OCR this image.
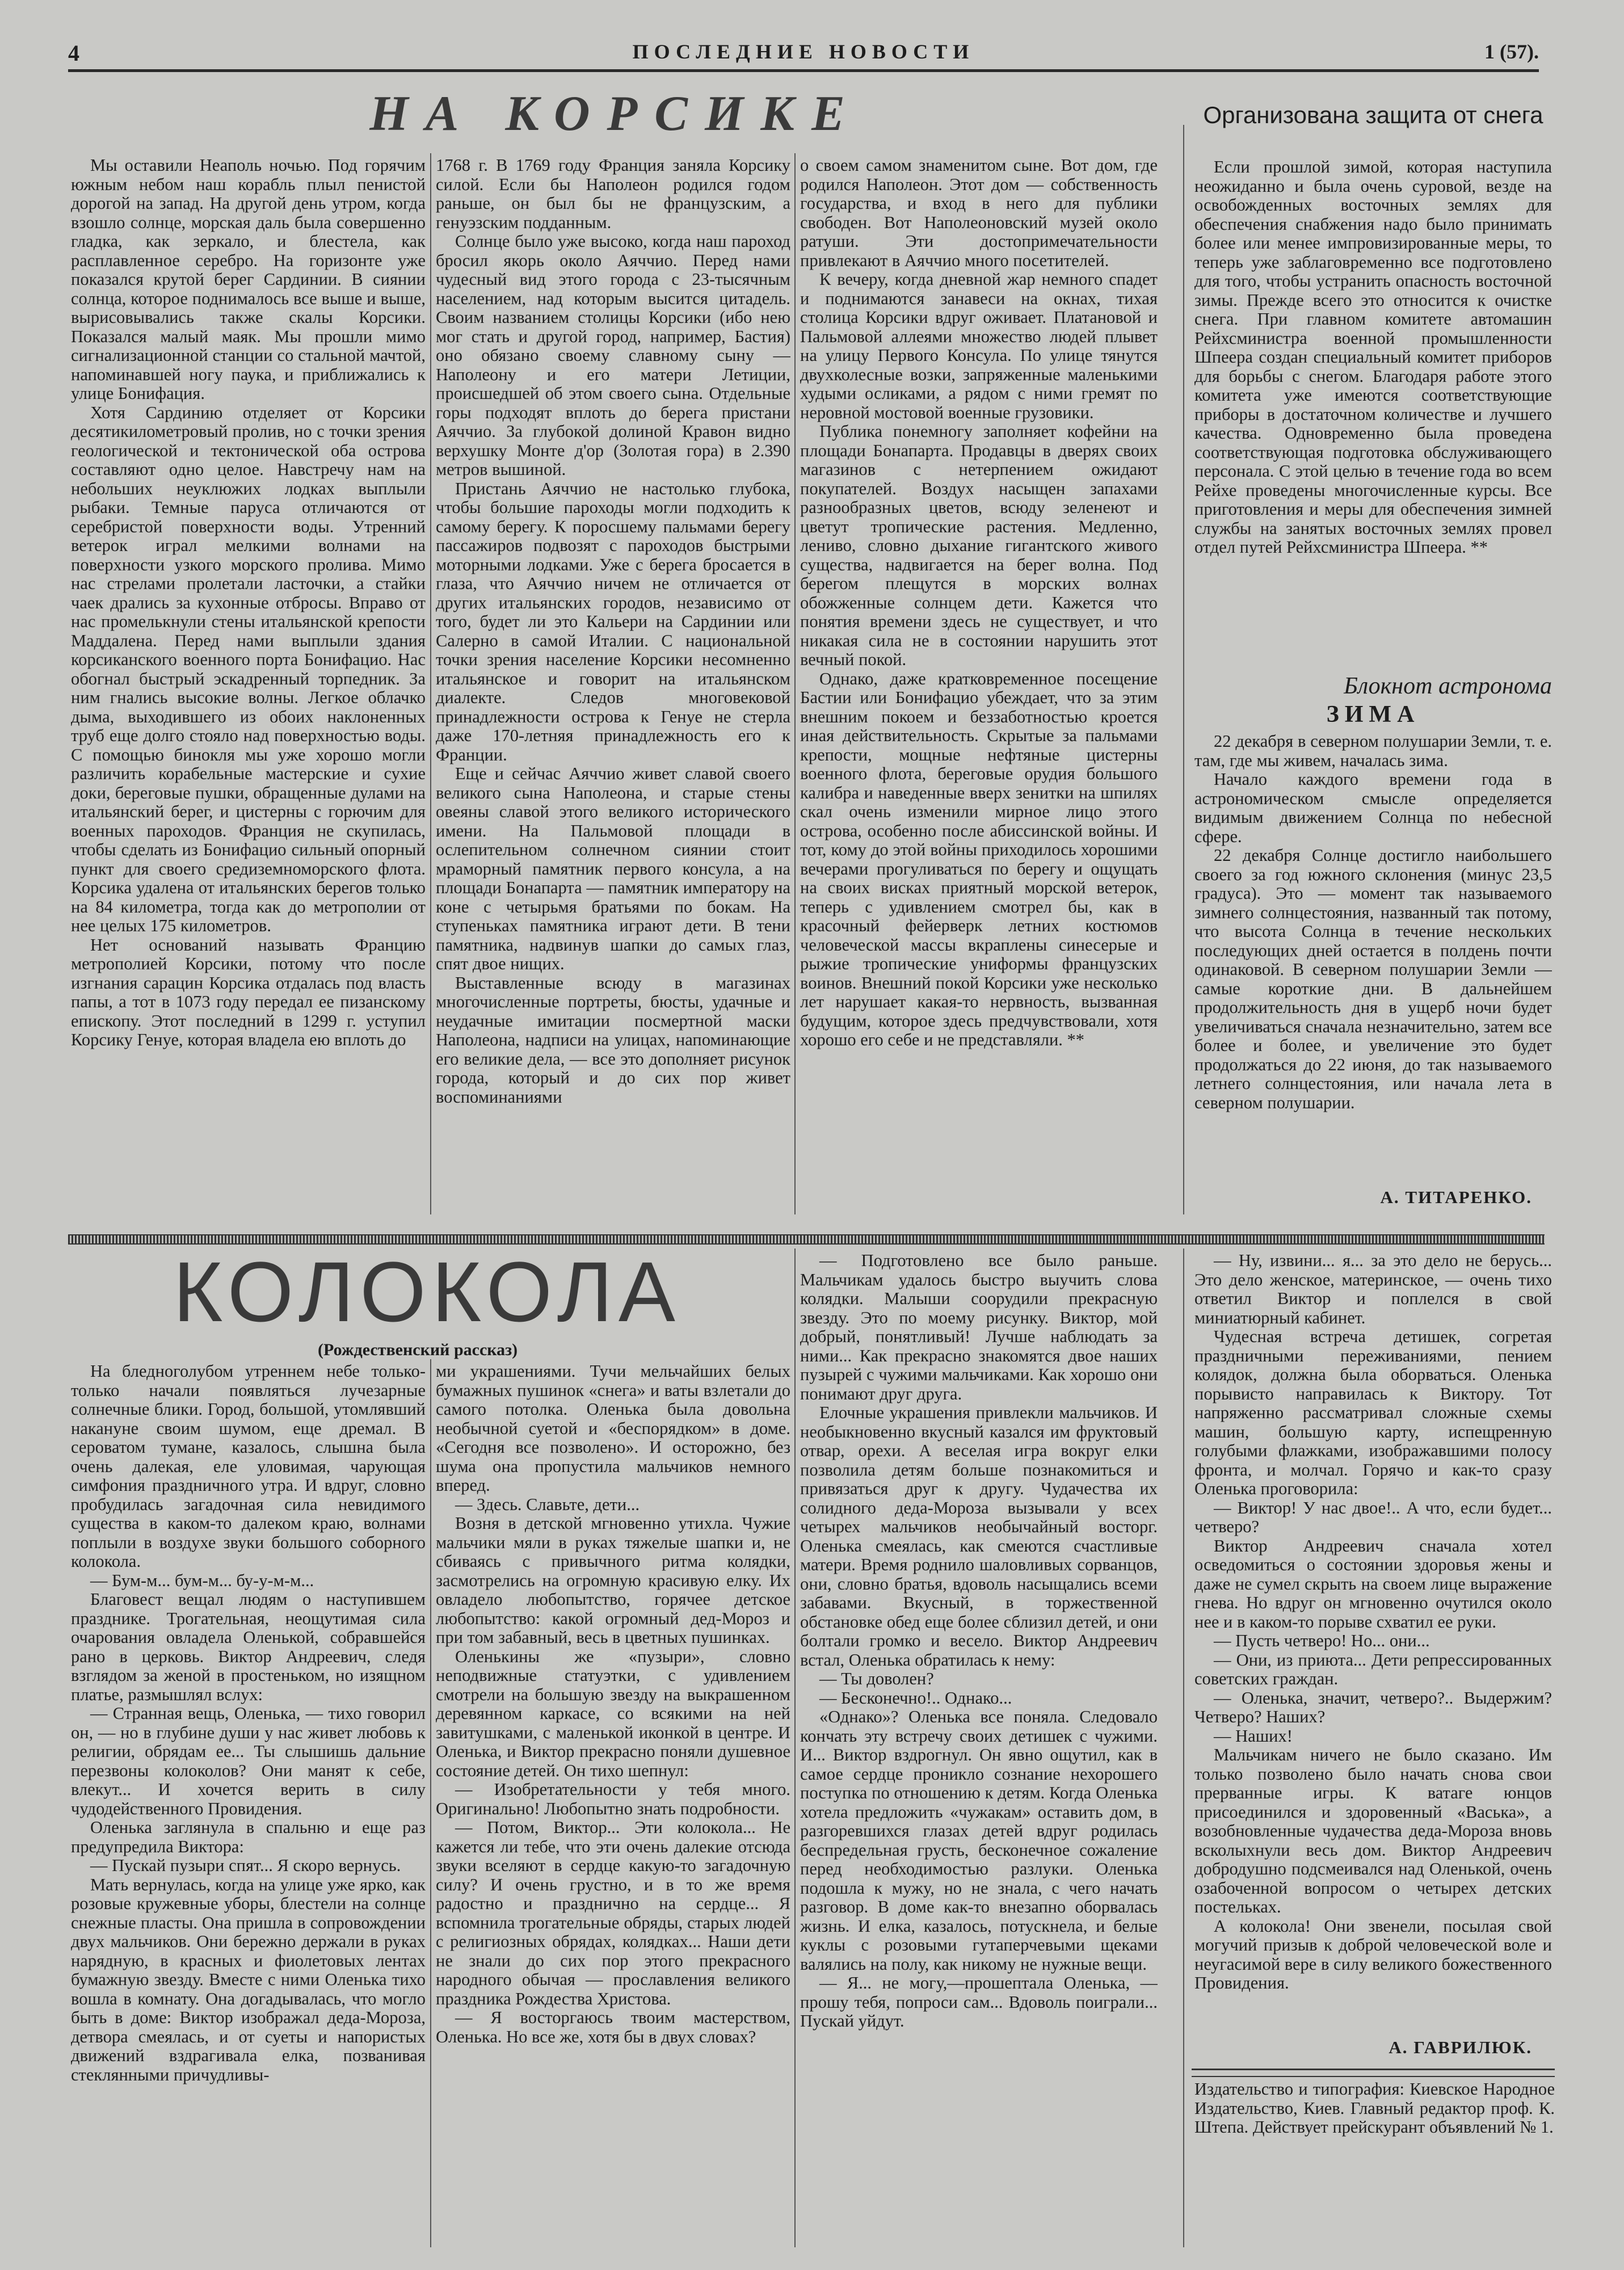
4	ПОСЛЕДНИЕ НОВОСТИ	1 (57).
НА КОРСИКЕ

Мы оставили Неаполь ночью. Под горячим южным небом наш корабль плыл пенистой дорогой на запад. На другой день утром, когда взошло солнце, морская даль была совершенно гладка, как зеркало, и блестела, как расплавленное серебро. На горизонте уже показался крутой берег Сардинии. В сиянии солнца, которое поднималось все выше и выше, вырисовывались также скалы Корсики. Показался малый маяк. Мы прошли мимо сигнализационной станции со стальной мачтой, напоминавшей ногу паука, и приближались к улице Бонифация.

Хотя Сардинию отделяет от Корсики десятикилометровый пролив, но с точки зрения геологической и тектонической оба острова составляют одно целое. Навстречу нам на небольших неуклюжих лодках выплыли рыбаки. Темные паруса отличаются от серебристой поверхности воды. Утренний ветерок играл мелкими волнами на поверхности узкого морского пролива. Мимо нас стрелами пролетали ласточки, а стайки чаек дрались за кухонные отбросы. Вправо от нас промелькнули стены итальянской крепости Маддалена. Перед нами выплыли здания корсиканского военного порта Бонифацио. Нас обогнал быстрый эскадренный торпедник. За ним гнались высокие волны. Легкое облачко дыма, выходившего из обоих наклоненных труб еще долго стояло над поверхностью воды. С помощью бинокля мы уже хорошо могли различить корабельные мастерские и сухие доки, береговые пушки, обращенные дулами на итальянский берег, и цистерны с горючим для военных пароходов. Франция не скупилась, чтобы сделать из Бонифацио сильный опорный пункт для своего средиземноморского флота. Корсика удалена от итальянских берегов только на 84 километра, тогда как до метрополии от нее целых 175 километров.

Нет оснований называть Францию метрополией Корсики, потому что после изгнания сарацин Корсика отдалась под власть папы, а тот в 1073 году передал ее пизанскому епископу. Этот последний в 1299 г. уступил Корсику Генуе, которая владела ею вплоть до

1768 г. В 1769 году Франция заняла Корсику силой. Если бы Наполеон родился годом раньше, он был бы не французским, а генуэзским подданным.

Солнце было уже высоко, когда наш пароход бросил якорь около Аяччио. Перед нами чудесный вид этого города с 23-тысячным населением, над которым высится цитадель. Своим названием столицы Корсики (ибо нею мог стать и другой город, например, Бастия) оно обязано своему славному сыну — Наполеону и его матери Летиции, происшедшей об этом своего сына. Отдельные горы подходят вплоть до берега пристани Аяччио. За глубокой долиной Кравон видно верхушку Монте д'ор (Золотая гора) в 2.390 метров вышиной.

Пристань Аяччио не настолько глубока, чтобы большие пароходы могли подходить к самому берегу. К поросшему пальмами берегу пассажиров подвозят с пароходов быстрыми моторными лодками. Уже с берега бросается в глаза, что Аяччио ничем не отличается от других итальянских городов, независимо от того, будет ли это Кальери на Сардинии или Салерно в самой Италии. С национальной точки зрения население Корсики несомненно итальянское и говорит на итальянском диалекте. Следов многовековой принадлежности острова к Генуе не стерла даже 170-летняя принадлежность его к Франции.

Еще и сейчас Аяччио живет славой своего великого сына Наполеона, и старые стены овеяны славой этого великого исторического имени. На Пальмовой площади в ослепительном солнечном сиянии стоит мраморный памятник первого консула, а на площади Бонапарта — памятник императору на коне с четырьмя братьями по бокам. На ступеньках памятника играют дети. В тени памятника, надвинув шапки до самых глаз, спят двое нищих.

Выставленные всюду в магазинах многочисленные портреты, бюсты, удачные и неудачные имитации посмертной маски Наполеона, надписи на улицах, напоминающие его великие дела, — все это дополняет рисунок города, который и до сих пор живет воспоминаниями

о своем самом знаменитом сыне. Вот дом, где родился Наполеон. Этот дом — собственность государства, и вход в него для публики свободен. Вот Наполеоновский музей около ратуши. Эти достопримечательности привлекают в Аяччио много посетителей.

К вечеру, когда дневной жар немного спадет и поднимаются занавеси на окнах, тихая столица Корсики вдруг оживает. Платановой и Пальмовой аллеями множество людей плывет на улицу Первого Консула. По улице тянутся двухколесные возки, запряженные маленькими худыми осликами, а рядом с ними гремят по неровной мостовой военные грузовики.

Публика понемногу заполняет кофейни на площади Бонапарта. Продавцы в дверях своих магазинов с нетерпением ожидают покупателей. Воздух насыщен запахами разнообразных цветов, всюду зеленеют и цветут тропические растения. Медленно, лениво, словно дыхание гигантского живого существа, надвигается на берег волна. Под берегом плещутся в морских волнах обожженные солнцем дети. Кажется что понятия времени здесь не существует, и что никакая сила не в состоянии нарушить этот вечный покой.

Однако, даже кратковременное посещение Бастии или Бонифацио убеждает, что за этим внешним покоем и беззаботностью кроется иная действительность. Скрытые за пальмами крепости, мощные нефтяные цистерны военного флота, береговые орудия большого калибра и наведенные вверх зенитки на шпилях скал очень изменили мирное лицо этого острова, особенно после абиссинской войны. И тот, кому до этой войны приходилось хорошими вечерами прогуливаться по берегу и ощущать на своих висках приятный морской ветерок, теперь с удивлением смотрел бы, как в красочный фейерверк летних костюмов человеческой массы вкраплены синесерые и рыжие тропические униформы французских воинов. Внешний покой Корсики уже несколько лет нарушает какая-то нервность, вызванная будущим, которое здесь предчувствовали, хотя хорошо его себе и не представляли. **

Организована защита от снега

Если прошлой зимой, которая наступила неожиданно и была очень суровой, везде на освобожденных восточных землях для обеспечения снабжения надо было принимать более или менее импровизированные меры, то теперь уже заблаговременно все подготовлено для того, чтобы устранить опасность восточной зимы. Прежде всего это относится к очистке снега. При главном комитете автомашин Рейхсминистра военной промышленности Шпеера создан специальный комитет приборов для борьбы с снегом. Благодаря работе этого комитета уже имеются соответствующие приборы в достаточном количестве и лучшего качества. Одновременно была проведена соответствующая подготовка обслуживающего персонала. С этой целью в течение года во всем Рейхе проведены многочисленные курсы. Все приготовления и меры для обеспечения зимней службы на занятых восточных землях провел отдел путей Рейхсминистра Шпеера. **

Блокнот астронома
ЗИМА

22 декабря в северном полушарии Земли, т. е. там, где мы живем, началась зима.

Начало каждого времени года в астрономическом смысле определяется видимым движением Солнца по небесной сфере.

22 декабря Солнце достигло наибольшего своего за год южного склонения (минус 23,5 градуса). Это — момент так называемого зимнего солнцестояния, названный так потому, что высота Солнца в течение нескольких последующих дней остается в полдень почти одинаковой. В северном полушарии Земли — самые короткие дни. В дальнейшем продолжительность дня в ущерб ночи будет увеличиваться сначала незначительно, затем все более и более, и увеличение это будет продолжаться до 22 июня, до так называемого летнего солнцестояния, или начала лета в северном полушарии.

А. ТИТАРЕНКО.
КОЛОКОЛА
(Рождественский рассказ)

На бледноголубом утреннем небе только-только начали появляться лучезарные солнечные блики. Город, большой, утомлявший накануне своим шумом, еще дремал. В сероватом тумане, казалось, слышна была очень далекая, еле уловимая, чарующая симфония праздничного утра. И вдруг, словно пробудилась загадочная сила невидимого существа в каком-то далеком краю, волнами поплыли в воздухе звуки большого соборного колокола.

— Бум-м... бум-м... бу-у-м-м...

Благовест вещал людям о наступившем празднике. Трогательная, неощутимая сила очарования овладела Оленькой, собравшейся рано в церковь. Виктор Андреевич, следя взглядом за женой в простеньком, но изящном платье, размышлял вслух:

— Странная вещь, Оленька, — тихо говорил он, — но в глубине души у нас живет любовь к религии, обрядам ее... Ты слышишь дальние перезвоны колоколов? Они манят к себе, влекут... И хочется верить в силу чудодейственного Провидения.

Оленька заглянула в спальню и еще раз предупредила Виктора:

— Пускай пузыри спят... Я скоро вернусь.

Мать вернулась, когда на улице уже ярко, как розовые кружевные уборы, блестели на солнце снежные пласты. Она пришла в сопровождении двух мальчиков. Они бережно держали в руках нарядную, в красных и фиолетовых лентах бумажную звезду. Вместе с ними Оленька тихо вошла в комнату. Она догадывалась, что могло быть в доме: Виктор изображал деда-Мороза, детвора смеялась, и от суеты и напористых движений вздрагивала елка, позванивая стеклянными причудливы-

ми украшениями. Тучи мельчайших белых бумажных пушинок «снега» и ваты взлетали до самого потолка. Оленька была довольна необычной суетой и «беспорядком» в доме. «Сегодня все позволено». И осторожно, без шума она пропустила мальчиков немного вперед.

— Здесь. Славьте, дети...

Возня в детской мгновенно утихла. Чужие мальчики мяли в руках тяжелые шапки и, не сбиваясь с привычного ритма колядки, засмотрелись на огромную красивую елку. Их овладело любопытство, горячее детское любопытство: какой огромный дед-Мороз и при том забавный, весь в цветных пушинках.

Оленькины же «пузыри», словно неподвижные статуэтки, с удивлением смотрели на большую звезду на выкрашенном деревянном каркасе, со всякими на ней завитушками, с маленькой иконкой в центре. И Оленька, и Виктор прекрасно поняли душевное состояние детей. Он тихо шепнул:

— Изобретательности у тебя много. Оригинально! Любопытно знать подробности.

— Потом, Виктор... Эти колокола... Не кажется ли тебе, что эти очень далекие отсюда звуки вселяют в сердце какую-то загадочную силу? И очень грустно, и в то же время радостно и празднично на сердце... Я вспомнила трогательные обряды, старых людей с религиозных обрядах, колядках... Наши дети не знали до сих пор этого прекрасного народного обычая — прославления великого праздника Рождества Христова.

— Я восторгаюсь твоим мастерством, Оленька. Но все же, хотя бы в двух словах?

— Подготовлено все было раньше. Мальчикам удалось быстро выучить слова колядки. Малыши соорудили прекрасную звезду. Это по моему рисунку. Виктор, мой добрый, понятливый! Лучше наблюдать за ними... Как прекрасно знакомятся двое наших пузырей с чужими мальчиками. Как хорошо они понимают друг друга.

Елочные украшения привлекли мальчиков. И необыкновенно вкусный казался им фруктовый отвар, орехи. А веселая игра вокруг елки позволила детям больше познакомиться и привязаться друг к другу. Чудачества их солидного деда-Мороза вызывали у всех четырех мальчиков необычайный восторг. Оленька смеялась, как смеются счастливые матери. Время роднило шаловливых сорванцов, они, словно братья, вдоволь насыщались всеми забавами. Вкусный, в торжественной обстановке обед еще более сблизил детей, и они болтали громко и весело. Виктор Андреевич встал, Оленька обратилась к нему:

— Ты доволен?

— Бесконечно!.. Однако...

«Однако»? Оленька все поняла. Следовало кончать эту встречу своих детишек с чужими. И... Виктор вздрогнул. Он явно ощутил, как в самое сердце проникло сознание нехорошего поступка по отношению к детям. Когда Оленька хотела предложить «чужакам» оставить дом, в разгоревшихся глазах детей вдруг родилась беспредельная грусть, бесконечное сожаление перед необходимостью разлуки. Оленька подошла к мужу, но не знала, с чего начать разговор. В доме как-то внезапно оборвалась жизнь. И елка, казалось, потускнела, и белые куклы с розовыми гутаперчевыми щеками валялись на полу, как никому не нужные вещи.

— Я... не могу,—прошептала Оленька, — прошу тебя, попроси сам... Вдоволь поиграли... Пускай уйдут.

— Ну, извини... я... за это дело не берусь... Это дело женское, материнское, — очень тихо ответил Виктор и поплелся в свой миниатюрный кабинет.

Чудесная встреча детишек, согретая праздничными переживаниями, пением колядок, должна была оборваться. Оленька порывисто направилась к Виктору. Тот напряженно рассматривал сложные схемы машин, большую карту, испещренную голубыми флажками, изображавшими полосу фронта, и молчал. Горячо и как-то сразу Оленька проговорила:

— Виктор! У нас двое!.. А что, если будет... четверо?

Виктор Андреевич сначала хотел осведомиться о состоянии здоровья жены и даже не сумел скрыть на своем лице выражение гнева. Но вдруг он мгновенно очутился около нее и в каком-то порыве схватил ее руки.

— Пусть четверо! Но... они...

— Они, из приюта... Дети репрессированных советских граждан.

— Оленька, значит, четверо?.. Выдержим? Четверо? Наших?

— Наших!

Мальчикам ничего не было сказано. Им только позволено было начать снова свои прерванные игры. К ватаге юнцов присоединился и здоровенный «Васька», а возобновленные чудачества деда-Мороза вновь всколыхнули весь дом. Виктор Андреевич добродушно подсмеивался над Оленькой, очень озабоченной вопросом о четырех детских постельках.

А колокола! Они звенели, посылая свой могучий призыв к доброй человеческой воле и неугасимой вере в силу великого божественного Провидения.

А. ГАВРИЛЮК.
Издательство и типография: Киевское Народное Издательство, Киев. Главный редактор проф. К. Штепа. Действует прейскурант объявлений № 1.
